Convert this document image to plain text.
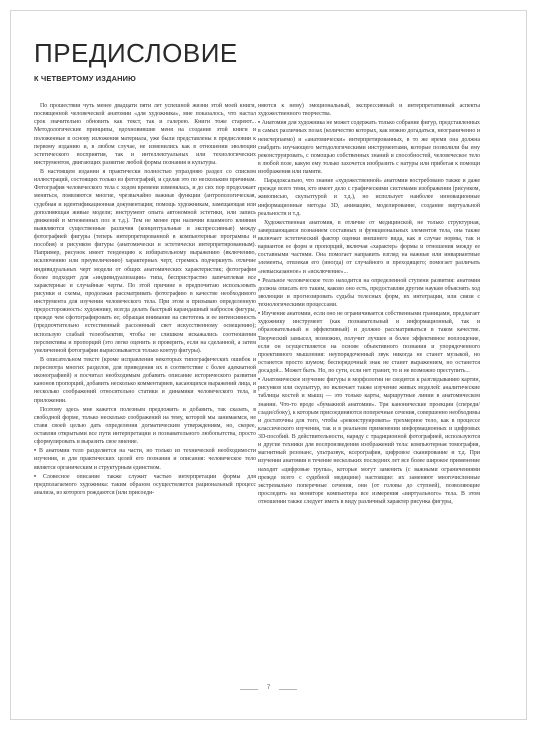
ПРЕДИСЛОВИЕ
К ЧЕТВЕРТОМУ ИЗДАНИЮ

По прошествии чуть менее двадцати пяти лет успешной жизни этой моей книги, посвященной человеческой анатомии «для художника», мне показалось, что настал срок значительно обновить как текст, так и галерею. Книги тоже стареют... Методологические принципы, вдохновившие меня на создание этой книги и положенные в основу изложения материала, уже были представлены в предисловии к первому изданию и, в любом случае, не изменились как в отношении эволюции эстетического восприятия, так и интеллектуальных или технологических инструментов, двигающих развитие любой формы познания и культуры.

В настоящем издании я практически полностью упраздняю раздел со списком иллюстраций, состоящих только из фотографий, и сделав это по нескольким причинам. Фотография человеческого тела с ходом времени изменялась, и до сих пор продолжает меняться, появляются многие, чрезвычайно важные функции (антропологическая, судебная и идентификационная документация; помощь художникам, замещающая или дополняющая живые модели; инструмент опыта автономной эстетики, или запись движений и мгновенных поз и т.д.). Тем не менее при наличии взаимного влияния выявляются существенные различия (концептуальные и экспрессивные) между фотографией фигуры (теперь интерпретированной в компьютерные программы и пособия) и рисунком фигуры (анатомически и эстетически интерпретированным). Например, рисунок имеет тенденцию к избирательному выражению (включению, исключению или преувеличению) характерных черт, стремясь подчеркнуть отличие индивидуальных черт модели от общих анатомических характеристик; фотография более подходит для «индивидуализации» типа, беспристрастно запечатлевая все характерные и случайные черты. По этой причине я предпочитаю использовать рисунки и схемы, продолжая рассматривать фотографию в качестве необходимого инструмента для изучения человеческого тела. При этом я призываю определенную предосторожность: художнику, всегда делать быстрый карандашный набросок фигуры, прежде чем сфотографировать ее; обращая внимание на светотень и ее интенсивность (предпочтительно естественный рассеянный свет искусственному освещению); использую слабый телеобъектив, чтобы не слишком искажались соотношения перспективы и пропорций (это легко оценить и проверить, если на сделанной, а затем увеличенной фотографии вырисовывается только контур фигуры).

В описательном тексте (кроме исправления некоторых типографических ошибок и пересмотра многих разделов, для приведения их в соответствие с более адекватной иконографией) я посчитал необходимым добавить описание исторического развития канонов пропорций, добавить несколько комментариев, касающихся выражений лица, и несколько соображений относительно статики и динамики человеческого тела, в приложении.

Поэтому здесь мне кажется полезным предложить и добавить, так сказать, в свободной форме, только несколько соображений на тему, которой мы занимаемся, не ставя своей целью дать определения догматическим утверждениям, но, скорее, оставляя открытыми все пути интерпретации и познавательного любопытства, просто сформулировать и выразить свое мнение.

• В анатомии тело разделяется на части, но только из технической необходимости изучения, и для практических целей его познания и описания: человеческое тело является органическим и структурным единством.

• Словесное описание также служит частью интерпретации формы для предполагаемого художника: таким образом осуществляется рациональный процесс анализа, из которого рождаются (или присоеди-

няются к нему) эмоциональный, экспрессивный и интерпретативный аспекты художественного творчества.

• Анатомия для художника не может содержать только собрание фигур, представленных в самых различных позах (количество которых, как можно догадаться, неограниченно и неисчерпаемо) и «анатомически» интерпретированных, в то же время она должна снабдить изучающего методологическими инструментами, которые позволили бы ему реконструировать, с помощью собственных знаний и способностей, человеческое тело в любой позе, какую ему только захочется изобразить с натуры или прибегая к помощи изображения или памяти.

Парадоксально, что знание «художественной» анатомии востребовано также и даже прежде всего теми, кто имеет дело с графическими системами изображения (рисунком, живописью, скульптурой и т.д.), но использует наиболее инновационные информационные методы 3D, анимацию, моделирование, создание виртуальной реальности и т.д.

Художественная анатомия, в отличие от медицинской, не только структурная, завершающаяся познанием составных и функциональных элементов тела, она также включает эстетический фактор оценки внешнего вида, как в случае нормы, так и вариантов ее форм и пропорций, включая «характер» формы и отношения между ее составными частями. Она помогает направить взгляд на важные или инвариантные элементы, отвлекая его (иногда) от случайного и преходящего; помогает различать «невысказанное» и «исключение»...

• Реальное человеческое тело находится на определенной ступени развития: анатомия должна описать его таким, каково оно есть, предоставляя другим наукам объяснять ход эволюции и прогнозировать судьбы телесных форм, их интеграции, или связи с технологическими процессами.

• Изучение анатомии, если оно не ограничивается собственными границами, предлагает художнику инструмент (как познавательный и информационный, так и образовательный и эффективный) и должно рассматриваться в таком качестве. Творческий замысел, возможно, получит лучшее и более эффективное воплощение, если он осуществляется на основе объективного познания и упорядоченного проективного мышления: неупорядоченный звук никогда не станет музыкой, но останется просто шумом; беспорядочный знак не станет выражением, но останется досадой... Может быть. Но, по сути, если нет гранит, то и не возможно преступить...

• Анатомическое изучение фигуры и морфологии не сводится к разглядыванию картин, рисунков или скульптур, но включает также изучение живых моделей: аналитические таблицы костей и мышц — это только карты, маршрутные линии в анатомическом знании. Что-то вроде «бумажной анатомии». Три канонические проекции (спереди/сзади/сбоку), к которым присоединяются поперечные сечения, совершенно необходимы и достаточны для того, чтобы «реконструировать» трехмерное тело, как в процессе классического изучения, так и в реальном применении информационных и цифровых 3D-пособий. В действительности, наряду с традиционной фотографией, используются и другие техники для воспроизведения изображений тела: компьютерная томография, магнитный резонанс, ультразвук, ксерография, цифровое сканирование и т.д. При изучении анатомии в течение нескольких последних лет все более широкое применение находят «цифровые трупы», которые могут заменить (с важными ограничениями прежде всего с судебной медицине) настоящие: их заменяют многочисленные экстремально поперечные сечения, они (от головы до ступней), позволяющие проследить на мониторе компьютера все измерения «виртуального» тела. В этом отношении также следует иметь в виду различный характер рисунка фигуры,

7
